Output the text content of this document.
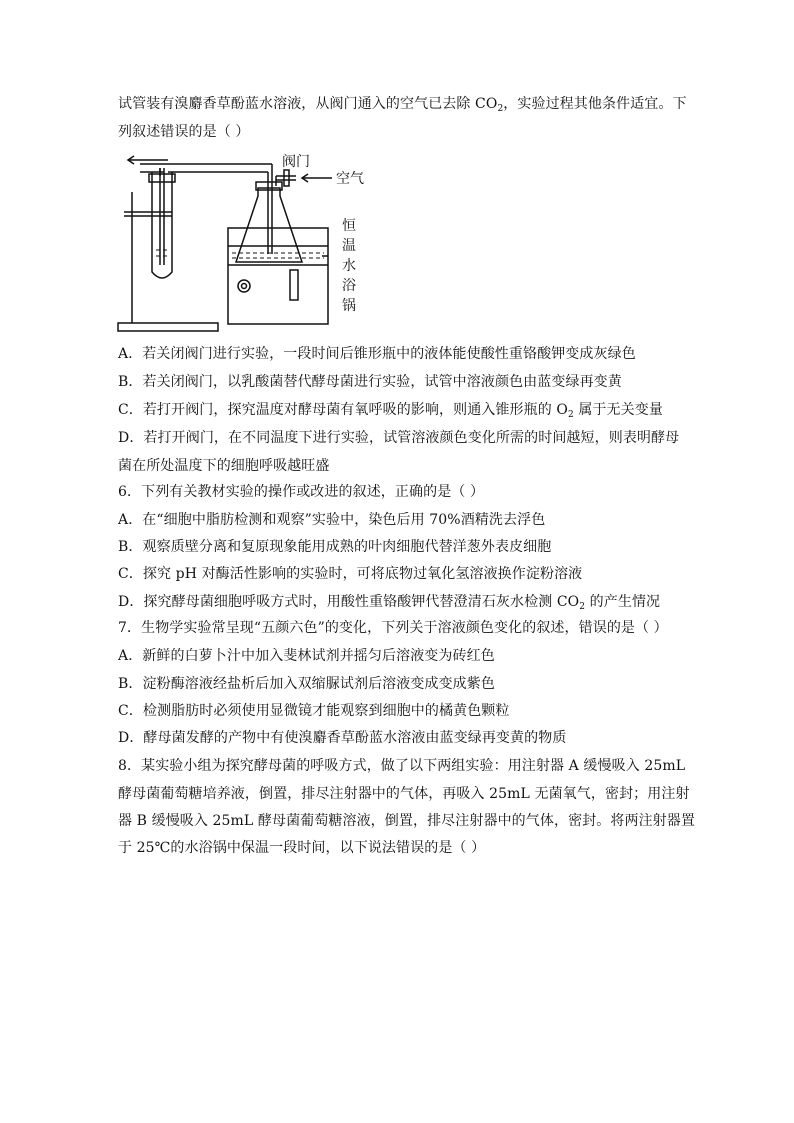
试管装有溴麝香草酚蓝水溶液，从阀门通入的空气已去除 $CO_2$，实验过程其他条件适宜。下
列叙述错误的是（ ）
阀门
空气
恒
温
水
浴
锅
A．若关闭阀门进行实验，一段时间后锥形瓶中的液体能使酸性重铬酸钾变成灰绿色
B．若关闭阀门，以乳酸菌替代酵母菌进行实验，试管中溶液颜色由蓝变绿再变黄
C．若打开阀门，探究温度对酵母菌有氧呼吸的影响，则通入锥形瓶的 $O_2$ 属于无关变量
D．若打开阀门，在不同温度下进行实验，试管溶液颜色变化所需的时间越短，则表明酵母
菌在所处温度下的细胞呼吸越旺盛
6．下列有关教材实验的操作或改进的叙述，正确的是（ ）
A．在“细胞中脂肪检测和观察”实验中，染色后用 70%酒精洗去浮色
B．观察质壁分离和复原现象能用成熟的叶肉细胞代替洋葱外表皮细胞
C．探究 pH 对酶活性影响的实验时，可将底物过氧化氢溶液换作淀粉溶液
D．探究酵母菌细胞呼吸方式时，用酸性重铬酸钾代替澄清石灰水检测 $CO_2$ 的产生情况
7．生物学实验常呈现“五颜六色”的变化，下列关于溶液颜色变化的叙述，错误的是（ ）
A．新鲜的白萝卜汁中加入斐林试剂并摇匀后溶液变为砖红色
B．淀粉酶溶液经盐析后加入双缩脲试剂后溶液变成变成紫色
C．检测脂肪时必须使用显微镜才能观察到细胞中的橘黄色颗粒
D．酵母菌发酵的产物中有使溴麝香草酚蓝水溶液由蓝变绿再变黄的物质
8．某实验小组为探究酵母菌的呼吸方式，做了以下两组实验：用注射器 A 缓慢吸入 25mL
酵母菌葡萄糖培养液，倒置，排尽注射器中的气体，再吸入 25mL 无菌氧气，密封；用注射
器 B 缓慢吸入 25mL 酵母菌葡萄糖溶液，倒置，排尽注射器中的气体，密封。将两注射器置
于 25℃的水浴锅中保温一段时间，以下说法错误的是（ ）
